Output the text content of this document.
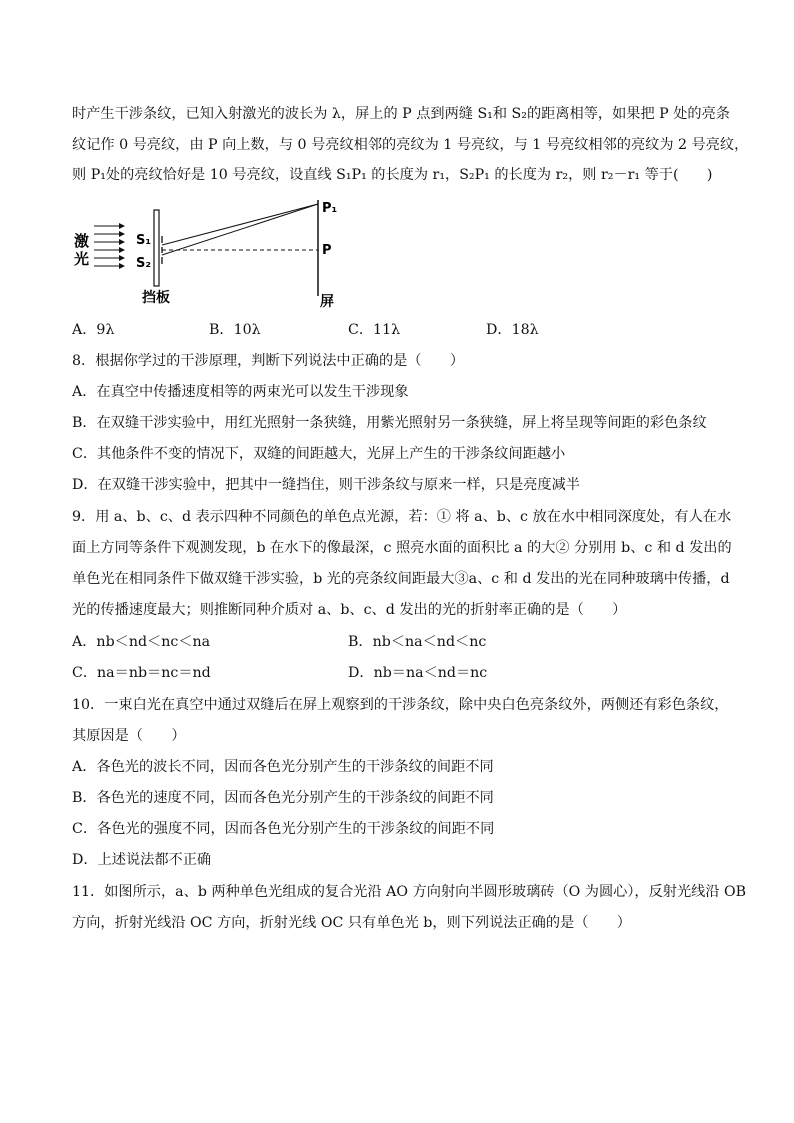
时产生干涉条纹，已知入射激光的波长为 λ，屏上的 P 点到两缝 S₁和 S₂的距离相等，如果把 P 处的亮条
纹记作 0 号亮纹，由 P 向上数，与 0 号亮纹相邻的亮纹为 1 号亮纹，与 1 号亮纹相邻的亮纹为 2 号亮纹，
则 P₁处的亮纹恰好是 10 号亮纹，设直线 S₁P₁ 的长度为 r₁，S₂P₁ 的长度为 r₂，则 r₂－r₁ 等于(　　)
激
光
S₁
S₂
P₁
P
挡板	屏
A．9λ	B．10λ	C．11λ	D．18λ
8．根据你学过的干涉原理，判断下列说法中正确的是（　　）
A．在真空中传播速度相等的两束光可以发生干涉现象
B．在双缝干涉实验中，用红光照射一条狭缝，用紫光照射另一条狭缝，屏上将呈现等间距的彩色条纹
C．其他条件不变的情况下，双缝的间距越大，光屏上产生的干涉条纹间距越小
D．在双缝干涉实验中，把其中一缝挡住，则干涉条纹与原来一样，只是亮度减半
9．用 a、b、c、d 表示四种不同颜色的单色点光源，若：① 将 a、b、c 放在水中相同深度处，有人在水
面上方同等条件下观测发现，b 在水下的像最深，c 照亮水面的面积比 a 的大② 分别用 b、c 和 d 发出的
单色光在相同条件下做双缝干涉实验，b 光的亮条纹间距最大③a、c 和 d 发出的光在同种玻璃中传播，d
光的传播速度最大；则推断同种介质对 a、b、c、d 发出的光的折射率正确的是（　　）
A．nb＜nd＜nc＜na	B．nb＜na＜nd＜nc
C．na＝nb＝nc＝nd	D．nb＝na＜nd＝nc
10．一束白光在真空中通过双缝后在屏上观察到的干涉条纹，除中央白色亮条纹外，两侧还有彩色条纹，
其原因是（　　）
A．各色光的波长不同，因而各色光分别产生的干涉条纹的间距不同
B．各色光的速度不同，因而各色光分别产生的干涉条纹的间距不同
C．各色光的强度不同，因而各色光分别产生的干涉条纹的间距不同
D．上述说法都不正确
11．如图所示，a、b 两种单色光组成的复合光沿 AO 方向射向半圆形玻璃砖（O 为圆心），反射光线沿 OB
方向，折射光线沿 OC 方向，折射光线 OC 只有单色光 b，则下列说法正确的是（　　）
